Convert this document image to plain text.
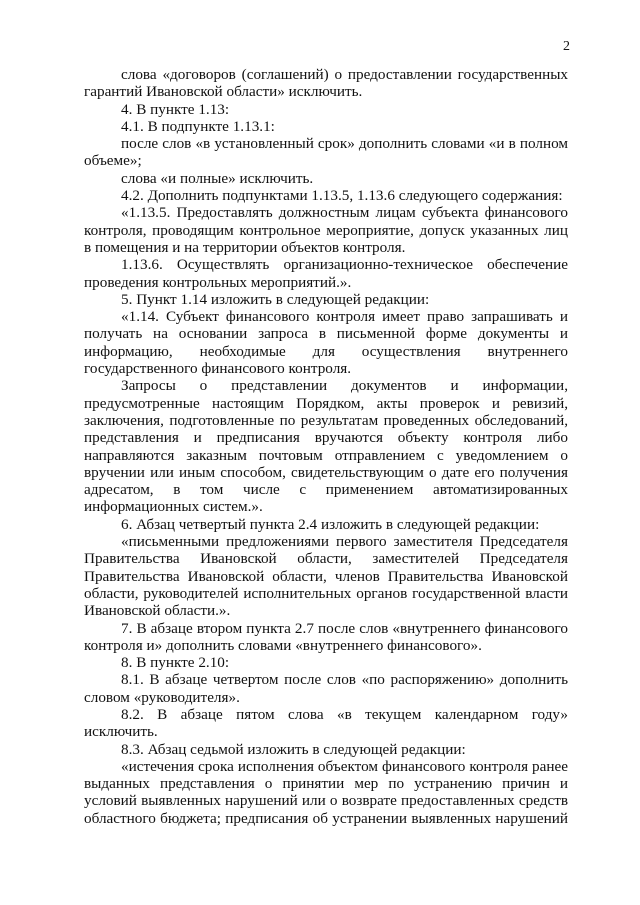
2

слова «договоров (соглашений) о предоставлении государственных гарантий Ивановской области» исключить.

4. В пункте 1.13:

4.1. В подпункте 1.13.1:

после слов «в установленный срок» дополнить словами «и в полном объеме»;

слова «и полные» исключить.

4.2. Дополнить подпунктами 1.13.5, 1.13.6 следующего содержания:

«1.13.5. Предоставлять должностным лицам субъекта финансового контроля, проводящим контрольное мероприятие, допуск указанных лиц в помещения и на территории объектов контроля.

1.13.6. Осуществлять организационно-техническое обеспечение проведения контрольных мероприятий.».

5. Пункт 1.14 изложить в следующей редакции:

«1.14. Субъект финансового контроля имеет право запрашивать и получать на основании запроса в письменной форме документы и информацию, необходимые для осуществления внутреннего государственного финансового контроля.

Запросы о представлении документов и информации, предусмотренные настоящим Порядком, акты проверок и ревизий, заключения, подготовленные по результатам проведенных обследований, представления и предписания вручаются объекту контроля либо направляются заказным почтовым отправлением с уведомлением о вручении или иным способом, свидетельствующим о дате его получения адресатом, в том числе с применением автоматизированных информационных систем.».

6. Абзац четвертый пункта 2.4 изложить в следующей редакции:

«письменными предложениями первого заместителя Председателя Правительства Ивановской области, заместителей Председателя Правительства Ивановской области, членов Правительства Ивановской области, руководителей исполнительных органов государственной власти Ивановской области.».

7. В абзаце втором пункта 2.7 после слов «внутреннего финансового контроля и» дополнить словами «внутреннего финансового».

8. В пункте 2.10:

8.1. В абзаце четвертом после слов «по распоряжению» дополнить словом «руководителя».

8.2. В абзаце пятом слова «в текущем календарном году» исключить.

8.3. Абзац седьмой изложить в следующей редакции:

«истечения срока исполнения объектом финансового контроля ранее выданных представления о принятии мер по устранению причин и условий выявленных нарушений или о возврате предоставленных средств областного бюджета; предписания об устранении выявленных нарушений
